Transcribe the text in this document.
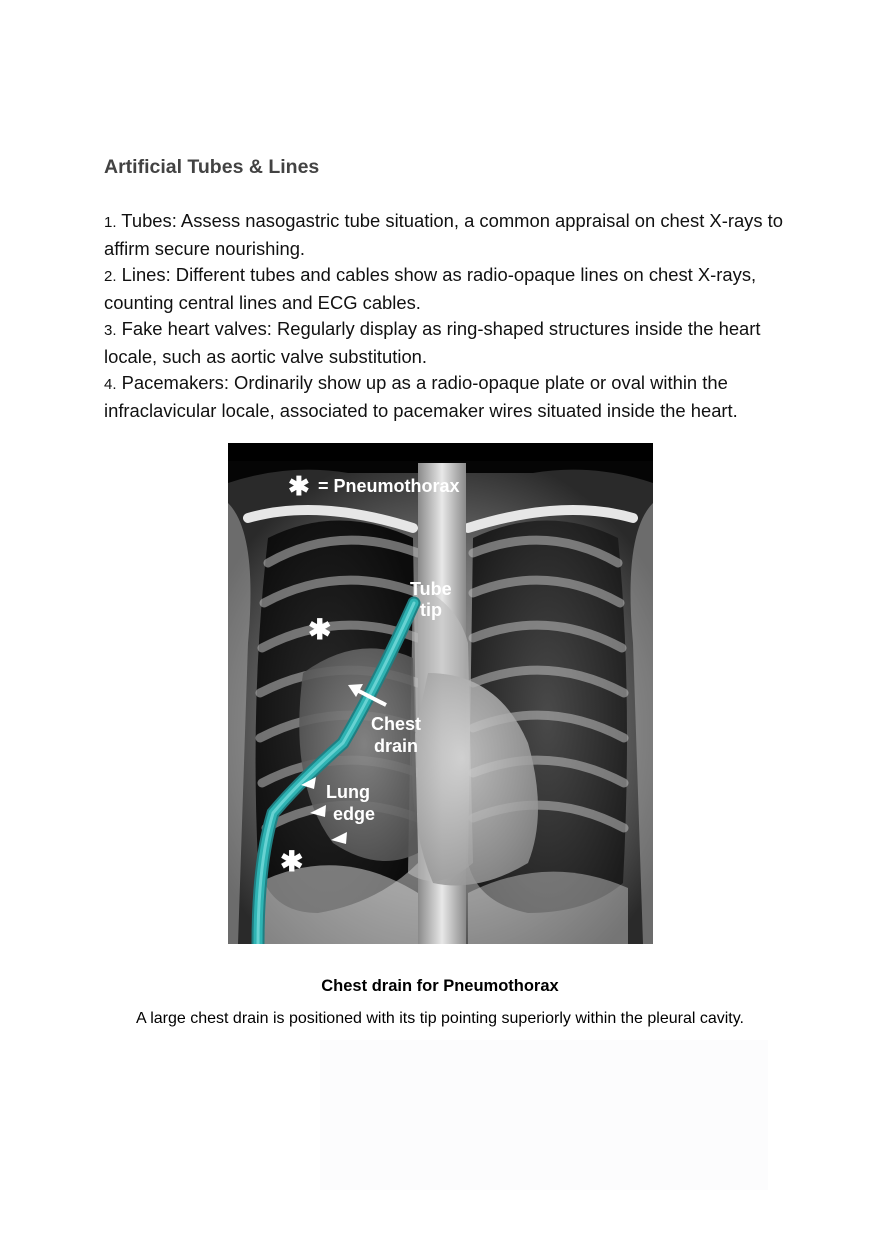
Artificial Tubes & Lines
1. Tubes: Assess nasogastric tube situation, a common appraisal on chest X-rays to affirm secure nourishing.
2. Lines: Different tubes and cables show as radio-opaque lines on chest X-rays, counting central lines and ECG cables.
3. Fake heart valves: Regularly display as ring-shaped structures inside the heart locale, such as aortic valve substitution.
4. Pacemakers: Ordinarily show up as a radio-opaque plate or oval within the infraclavicular locale, associated to pacemaker wires situated inside the heart.
✱ = Pneumothorax
✱
✱
Tube
tip
Chest
drain
Lung
edge

Chest drain for Pneumothorax

A large chest drain is positioned with its tip pointing superiorly within the pleural cavity.
